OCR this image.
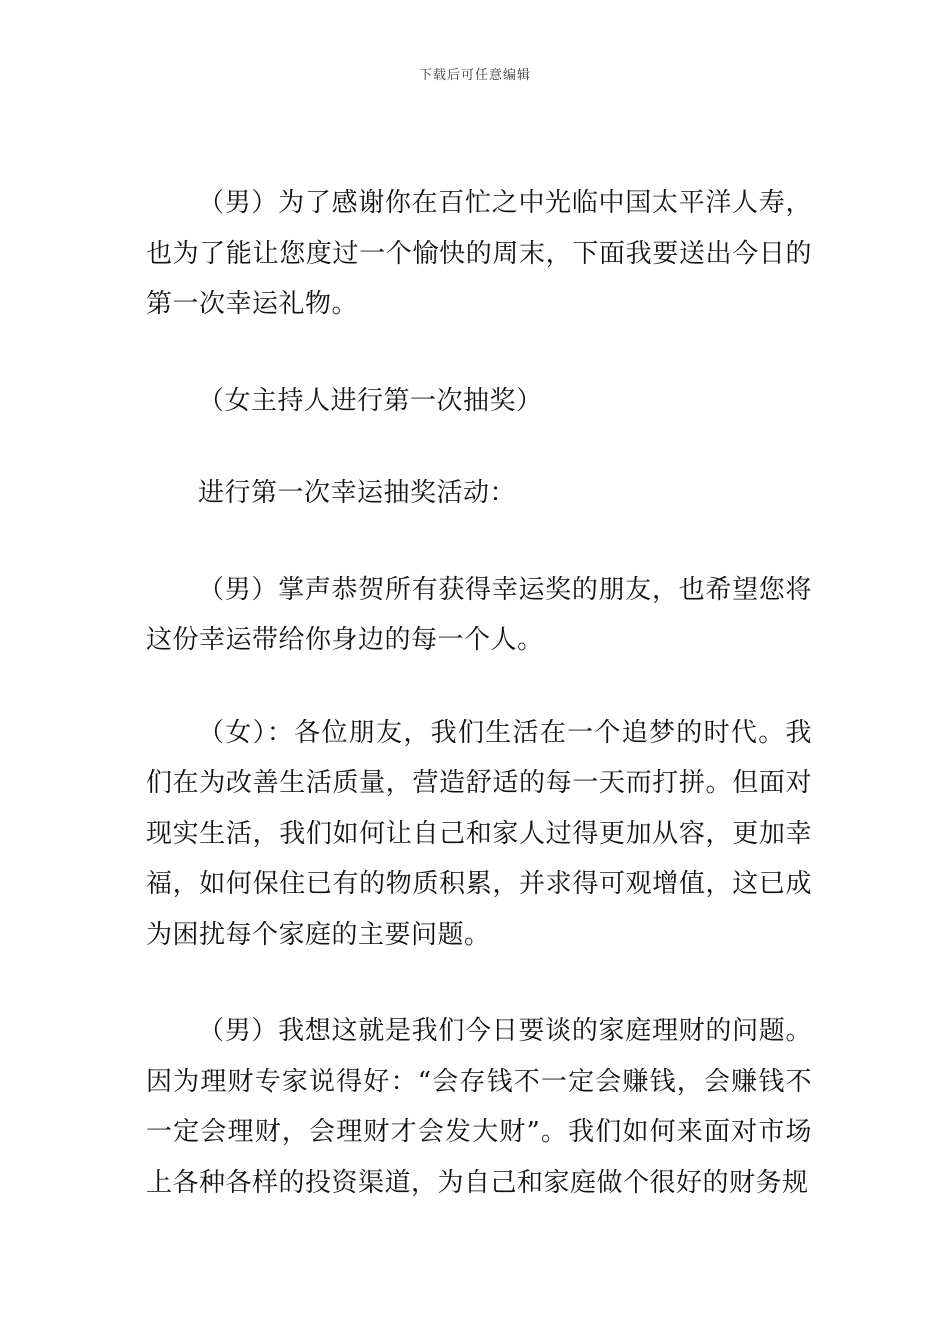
下载后可任意编辑

（男）为了感谢你在百忙之中光临中国太平洋人寿，也为了能让您度过一个愉快的周末，下面我要送出今日的第一次幸运礼物。

（女主持人进行第一次抽奖）

进行第一次幸运抽奖活动：

（男）掌声恭贺所有获得幸运奖的朋友，也希望您将这份幸运带给你身边的每一个人。

（女）：各位朋友，我们生活在一个追梦的时代。我们在为改善生活质量，营造舒适的每一天而打拼。但面对现实生活，我们如何让自己和家人过得更加从容，更加幸福，如何保住已有的物质积累，并求得可观增值，这已成为困扰每个家庭的主要问题。

（男）我想这就是我们今日要谈的家庭理财的问题。因为理财专家说得好：“会存钱不一定会赚钱，会赚钱不一定会理财，会理财才会发大财”。我们如何来面对市场上各种各样的投资渠道，为自己和家庭做个很好的财务规
